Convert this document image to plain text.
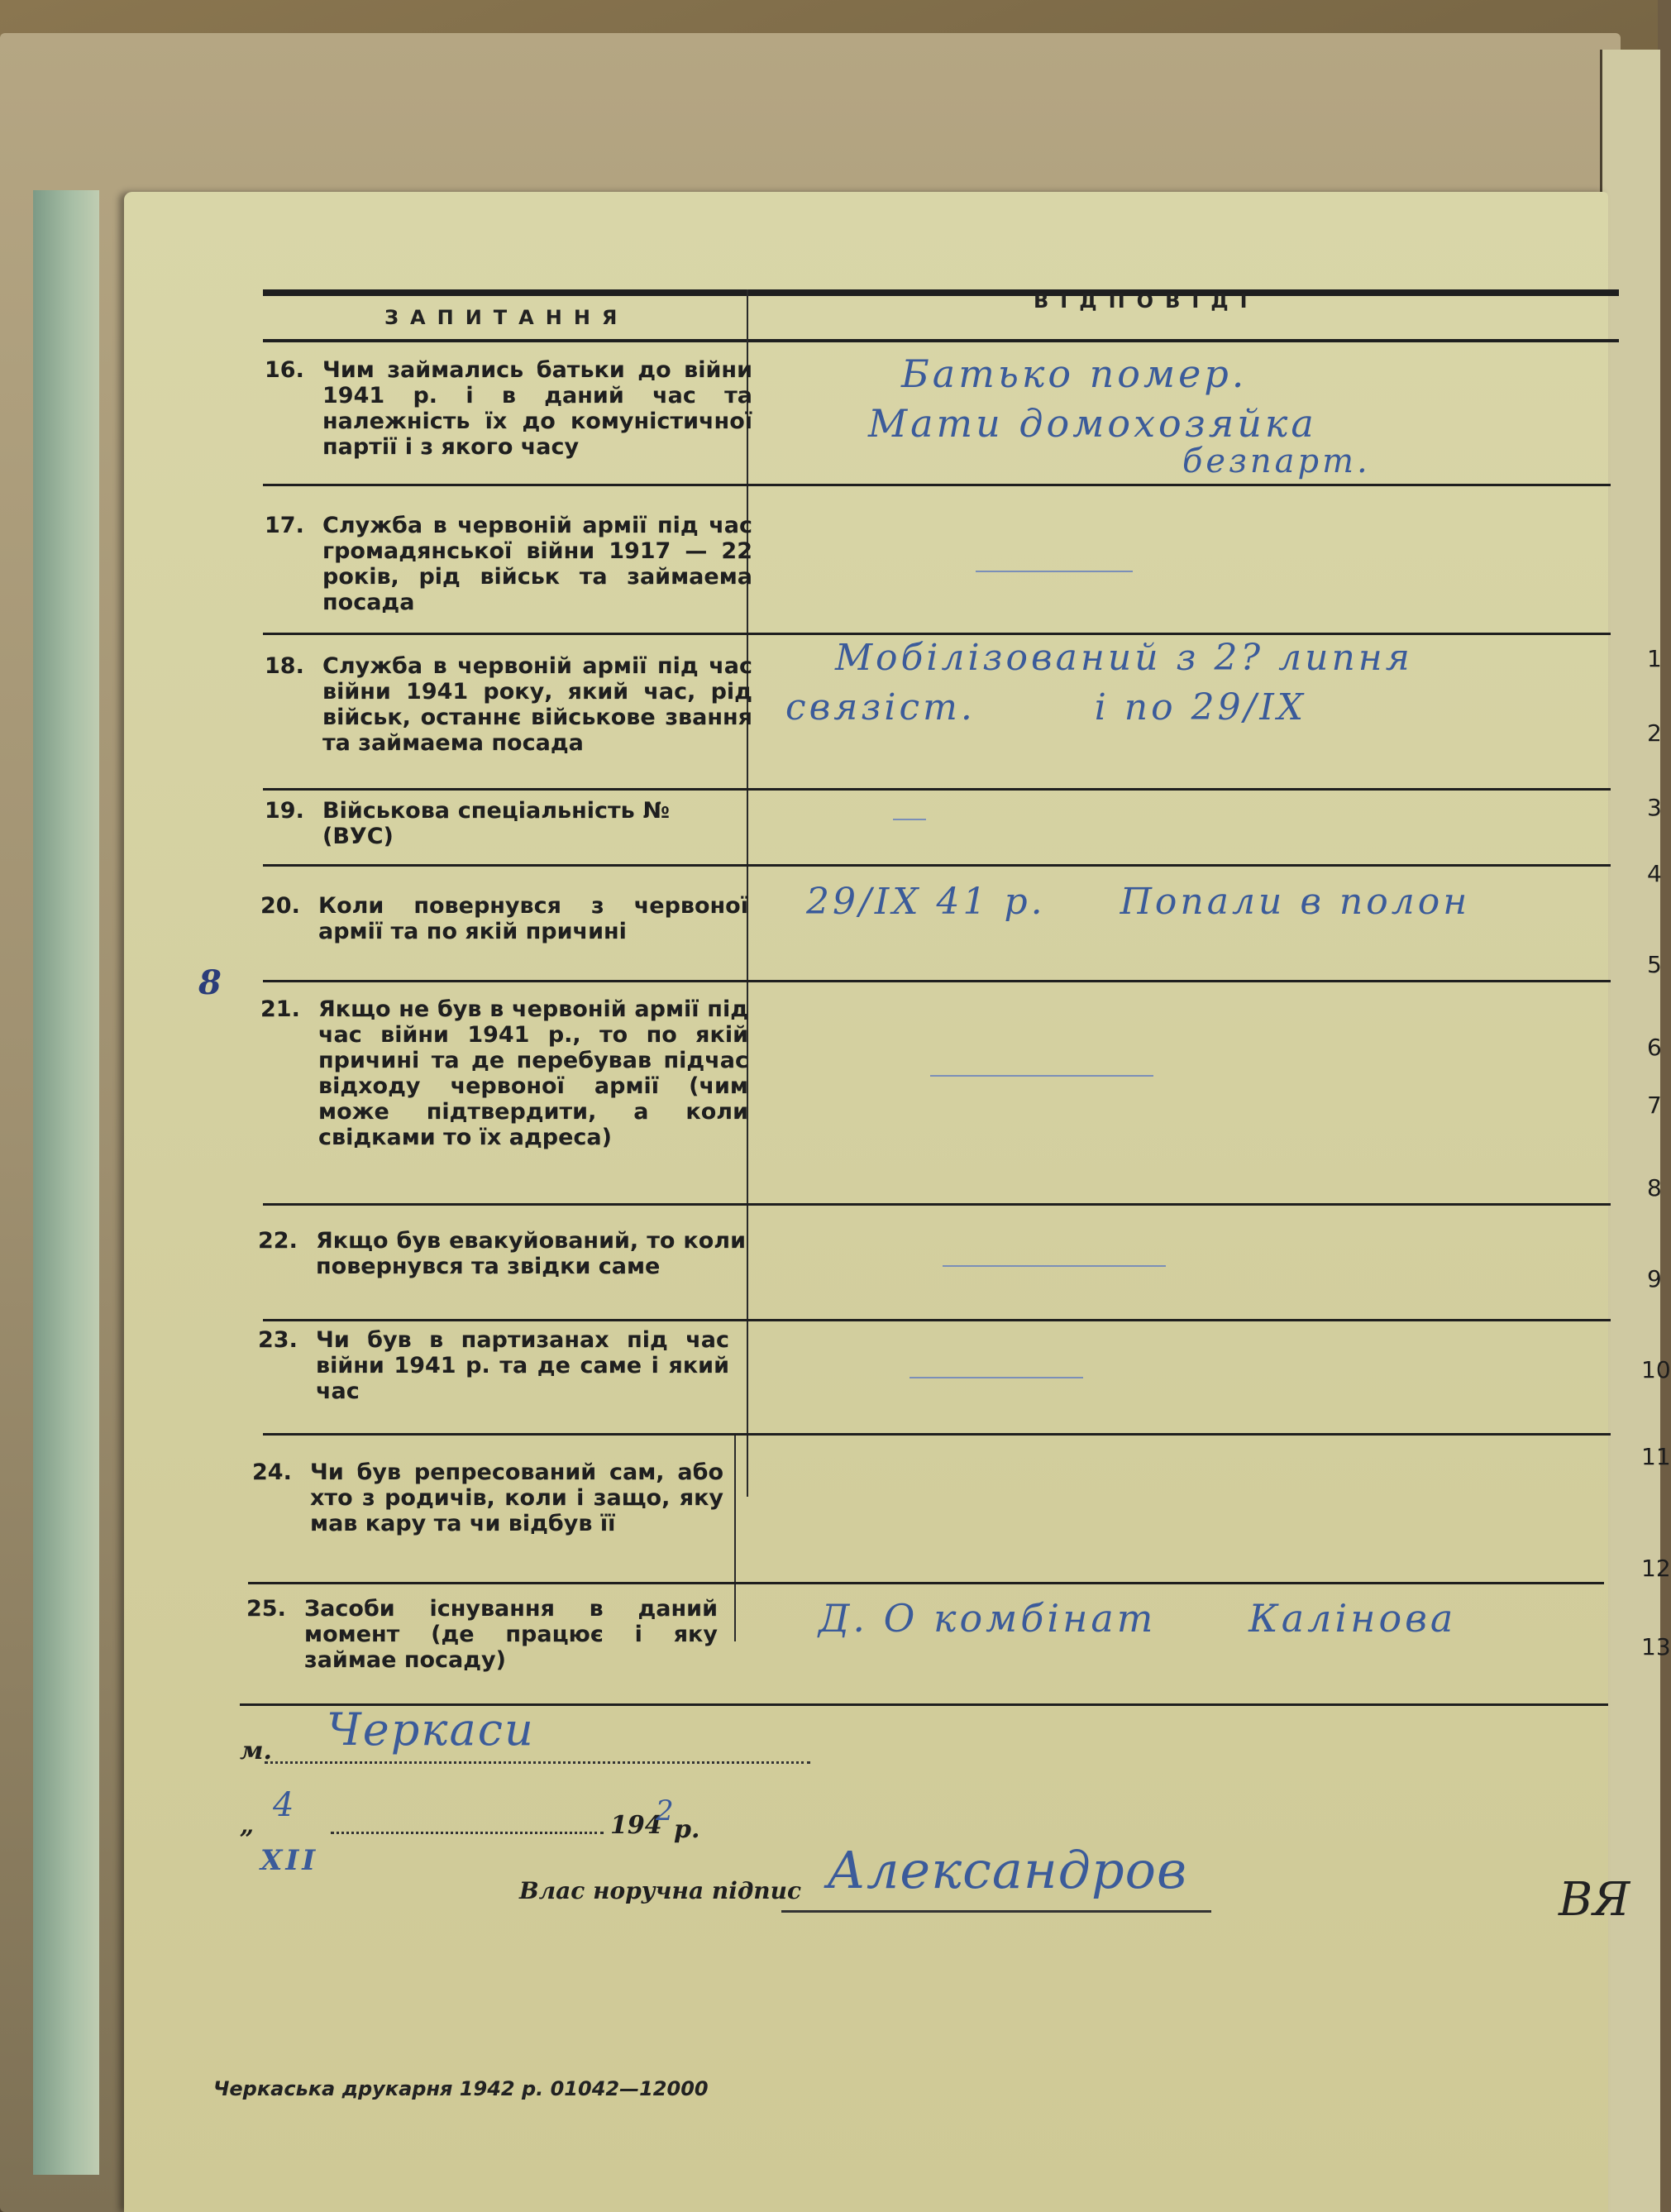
1
2
3
4
5
6
7
8
9
10
11
12
13
ЗАПИТАННЯ
ВІДПОВІДІ
16. Чим займались батьки до війни 1941 р. і в даний час та належність їх до комуністичної партії і з якого часу
17. Служба в червоній армії під час громадянської війни 1917 — 22 років, рід військ та займаема посада
18. Служба в червоній армії під час війни 1941 року, який час, рід військ, останнє військове звання та займаема посада
19. Військова спеціальність № (ВУС)
20. Коли повернувся з червоної армії та по якій причині
21. Якщо не був в червоній армії під час війни 1941 р., то по якій причині та де перебував підчас відходу червоної армії (чим може підтвердити, а коли свідками то їх адреса)
22. Якщо був евакуйований, то коли повернувся та звідки саме
23. Чи був в партизанах під час війни 1941 р. та де саме і який час
24. Чи був репресований сам, або хто з родичів, коли і защо, яку мав кару та чи відбув її
25. Засоби існування в даний момент (де працює і яку займае посаду)
Батько помер.
Мати домохозяйка
безпарт.
Мобілізований з 2? липня
связіст.        і по 29/IX
29/IX 41 р.     Попали в полон
Д. О комбінат      Калінова
8
м. Черкаси
„
4
XII
194
2
р.
Влас норучна підпис Александров	ВЯ
Черкаська друкарня 1942 р. 01042—12000
